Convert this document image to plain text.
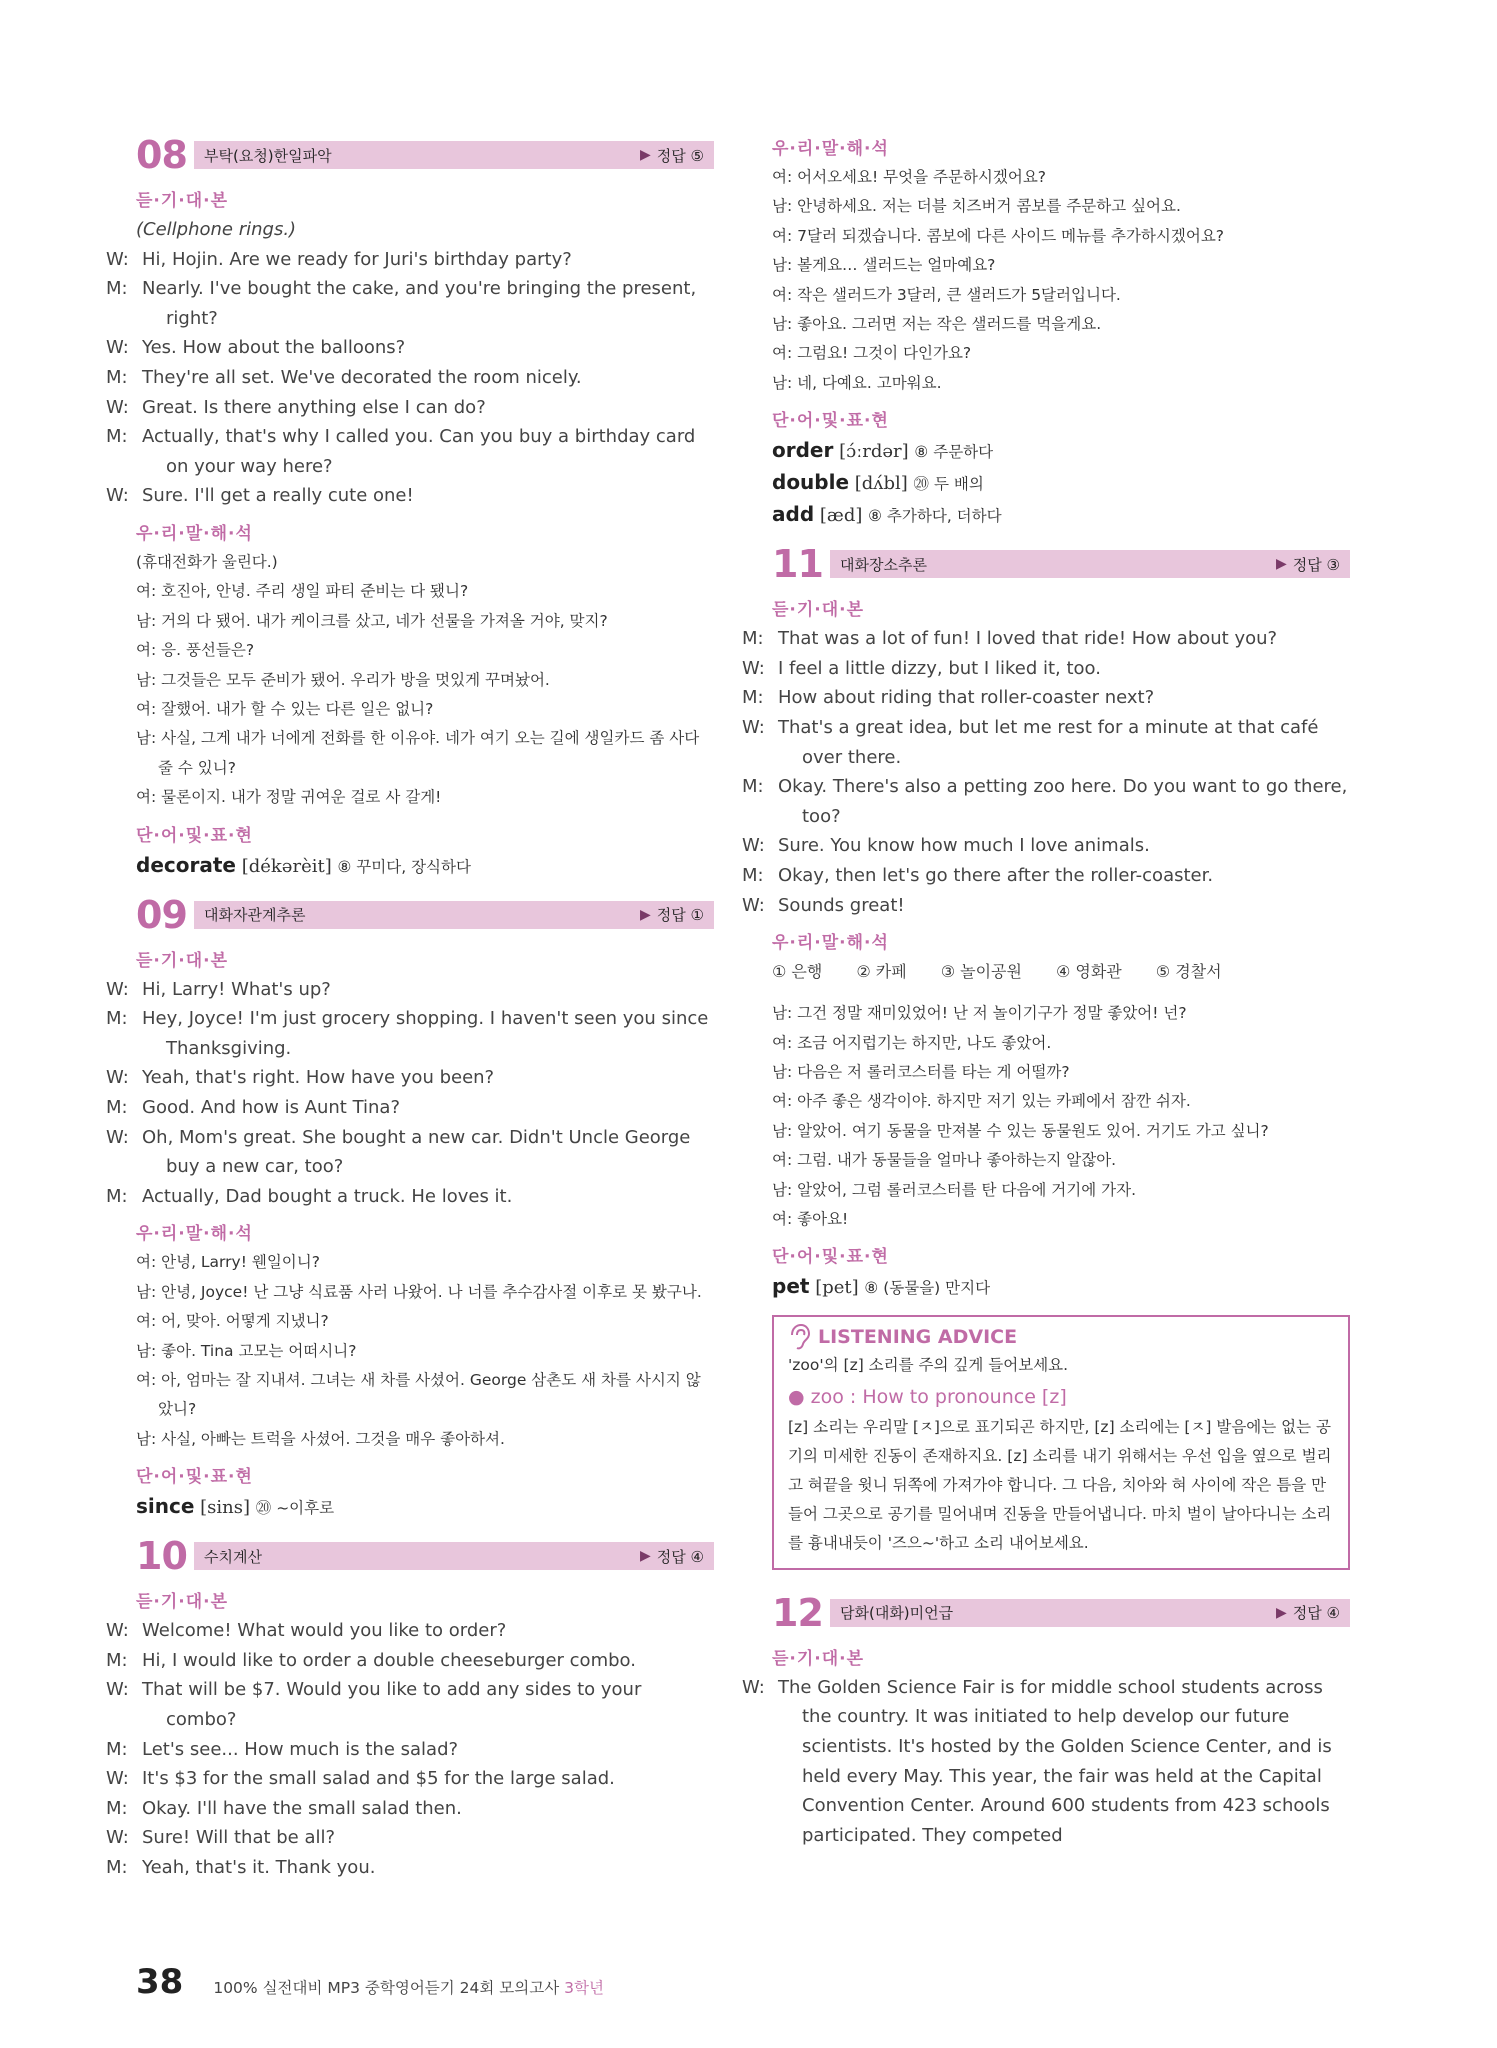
08	부탁(요청)한일파악	▶ 정답 ⑤
듣·기·대·본
(Cellphone rings.)
W: Hi, Hojin. Are we ready for Juri's birthday party?
M: Nearly. I've bought the cake, and you're bringing the present, right?
W: Yes. How about the balloons?
M: They're all set. We've decorated the room nicely.
W: Great. Is there anything else I can do?
M: Actually, that's why I called you. Can you buy a birthday card on your way here?
W: Sure. I'll get a really cute one!
우·리·말·해·석
(휴대전화가 울린다.)
여: 호진아, 안녕. 주리 생일 파티 준비는 다 됐니?
남: 거의 다 됐어. 내가 케이크를 샀고, 네가 선물을 가져올 거야, 맞지?
여: 응. 풍선들은?
남: 그것들은 모두 준비가 됐어. 우리가 방을 멋있게 꾸며놨어.
여: 잘했어. 내가 할 수 있는 다른 일은 없니?
남: 사실, 그게 내가 너에게 전화를 한 이유야. 네가 여기 오는 길에 생일카드 좀 사다 줄 수 있니?
여: 물론이지. 내가 정말 귀여운 걸로 사 갈게!
단·어·및·표·현
decorate [dékərèit] ⑧ 꾸미다, 장식하다
09	대화자관계추론	▶ 정답 ①
듣·기·대·본
W: Hi, Larry! What's up?
M: Hey, Joyce! I'm just grocery shopping. I haven't seen you since Thanksgiving.
W: Yeah, that's right. How have you been?
M: Good. And how is Aunt Tina?
W: Oh, Mom's great. She bought a new car. Didn't Uncle George buy a new car, too?
M: Actually, Dad bought a truck. He loves it.
우·리·말·해·석
여: 안녕, Larry! 웬일이니?
남: 안녕, Joyce! 난 그냥 식료품 사러 나왔어. 나 너를 추수감사절 이후로 못 봤구나.
여: 어, 맞아. 어떻게 지냈니?
남: 좋아. Tina 고모는 어떠시니?
여: 아, 엄마는 잘 지내셔. 그녀는 새 차를 사셨어. George 삼촌도 새 차를 사시지 않았니?
남: 사실, 아빠는 트럭을 사셨어. 그것을 매우 좋아하셔.
단·어·및·표·현
since [sins] ⑳ ~이후로
10	수치계산	▶ 정답 ④
듣·기·대·본
W: Welcome! What would you like to order?
M: Hi, I would like to order a double cheeseburger combo.
W: That will be $7. Would you like to add any sides to your combo?
M: Let's see... How much is the salad?
W: It's $3 for the small salad and $5 for the large salad.
M: Okay. I'll have the small salad then.
W: Sure! Will that be all?
M: Yeah, that's it. Thank you.
우·리·말·해·석
여: 어서오세요! 무엇을 주문하시겠어요?
남: 안녕하세요. 저는 더블 치즈버거 콤보를 주문하고 싶어요.
여: 7달러 되겠습니다. 콤보에 다른 사이드 메뉴를 추가하시겠어요?
남: 볼게요… 샐러드는 얼마예요?
여: 작은 샐러드가 3달러, 큰 샐러드가 5달러입니다.
남: 좋아요. 그러면 저는 작은 샐러드를 먹을게요.
여: 그럼요! 그것이 다인가요?
남: 네, 다예요. 고마워요.
단·어·및·표·현
order [ɔ́ːrdər] ⑧ 주문하다
double [dʌ́bl] ⑳ 두 배의
add [æd] ⑧ 추가하다, 더하다
11	대화장소추론	▶ 정답 ③
듣·기·대·본
M: That was a lot of fun! I loved that ride! How about you?
W: I feel a little dizzy, but I liked it, too.
M: How about riding that roller-coaster next?
W: That's a great idea, but let me rest for a minute at that café over there.
M: Okay. There's also a petting zoo here. Do you want to go there, too?
W: Sure. You know how much I love animals.
M: Okay, then let's go there after the roller-coaster.
W: Sounds great!
우·리·말·해·석
① 은행 ② 카페 ③ 놀이공원 ④ 영화관 ⑤ 경찰서
남: 그건 정말 재미있었어! 난 저 놀이기구가 정말 좋았어! 넌?
여: 조금 어지럽기는 하지만, 나도 좋았어.
남: 다음은 저 롤러코스터를 타는 게 어떨까?
여: 아주 좋은 생각이야. 하지만 저기 있는 카페에서 잠깐 쉬자.
남: 알았어. 여기 동물을 만져볼 수 있는 동물원도 있어. 거기도 가고 싶니?
여: 그럼. 내가 동물들을 얼마나 좋아하는지 알잖아.
남: 알았어, 그럼 롤러코스터를 탄 다음에 거기에 가자.
여: 좋아요!
단·어·및·표·현
pet [pet] ⑧ (동물을) 만지다
LISTENING ADVICE
'zoo'의 [z] 소리를 주의 깊게 들어보세요.
● zoo : How to pronounce [z]
[z] 소리는 우리말 [ㅈ]으로 표기되곤 하지만, [z] 소리에는 [ㅈ] 발음에는 없는 공기의 미세한 진동이 존재하지요. [z] 소리를 내기 위해서는 우선 입을 옆으로 벌리고 혀끝을 윗니 뒤쪽에 가져가야 합니다. 그 다음, 치아와 혀 사이에 작은 틈을 만들어 그곳으로 공기를 밀어내며 진동을 만들어냅니다. 마치 벌이 날아다니는 소리를 흉내내듯이 '즈으~'하고 소리 내어보세요.
12	담화(대화)미언급	▶ 정답 ④
듣·기·대·본
W: The Golden Science Fair is for middle school students across the country. It was initiated to help develop our future scientists. It's hosted by the Golden Science Center, and is held every May. This year, the fair was held at the Capital Convention Center. Around 600 students from 423 schools participated. They competed
38 100% 실전대비 MP3 중학영어듣기 24회 모의고사 3학년
